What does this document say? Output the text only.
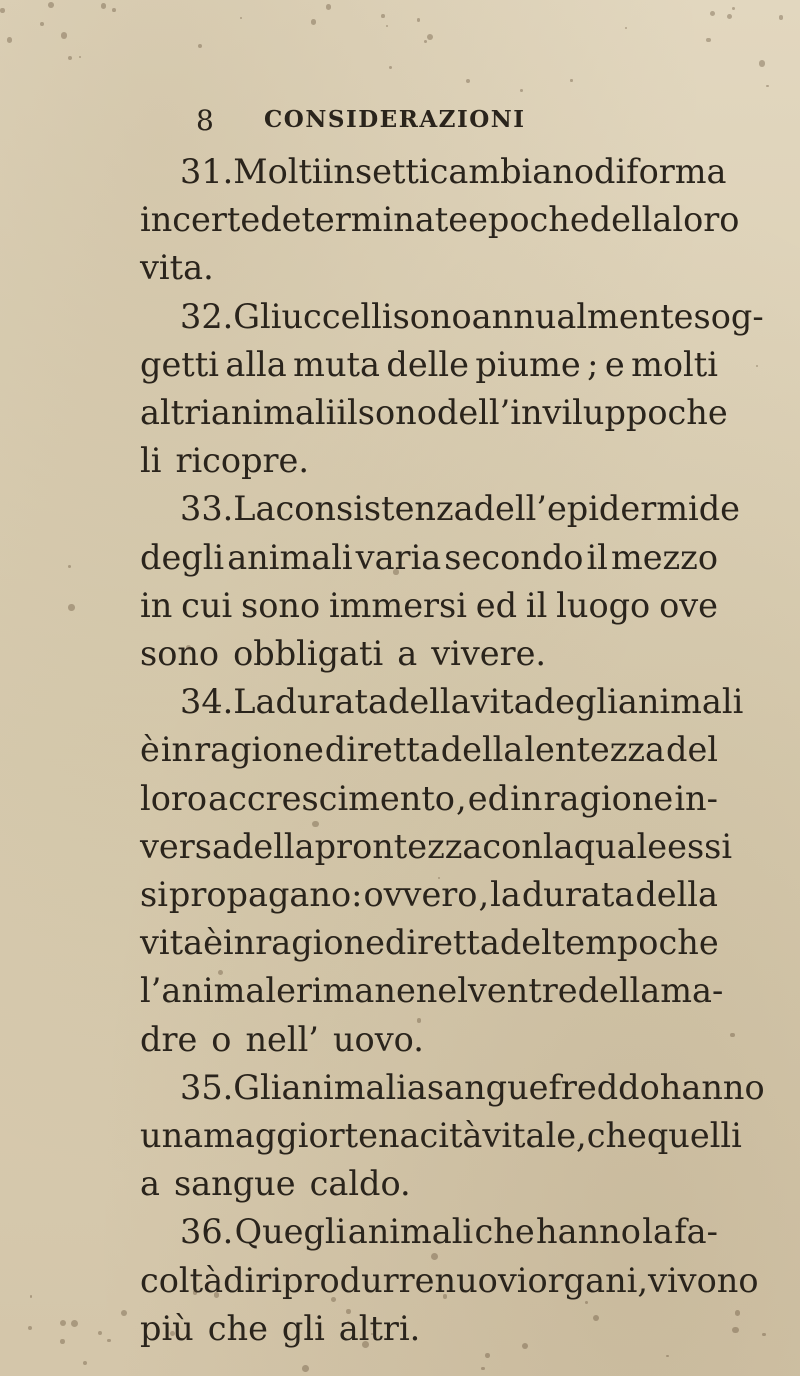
8 CONSIDERAZIONI
31. Molti insetti cambiano di forma
in certe determinate epoche della loro
vita.
32. Gli uccelli sono annualmente sog-
getti alla muta delle piume ; e molti
altri animali il sono dell’ inviluppo che
li ricopre.
33. La consistenza dell’ epidermide
degli animali varia secondo il mezzo
in cui sono immersi ed il luogo ove
sono obbligati a vivere.
34. La durata della vita degli animali
è in ragione diretta della lentezza del
loro accrescimento , ed in ragione in-
versa della prontezza con la quale essi
si propagano: ovvero , la durata della
vita è in ragione diretta del tempo che
l’ animale rimane nel ventre della ma-
dre o nell’ uovo.
35. Gli animali a sangue freddo hanno
una maggior tenacità vitale , che quelli
a sangue caldo.
36. Quegli animali che hanno la fa-
coltà di riprodurre nuovi organi, vivono
più che gli altri.
